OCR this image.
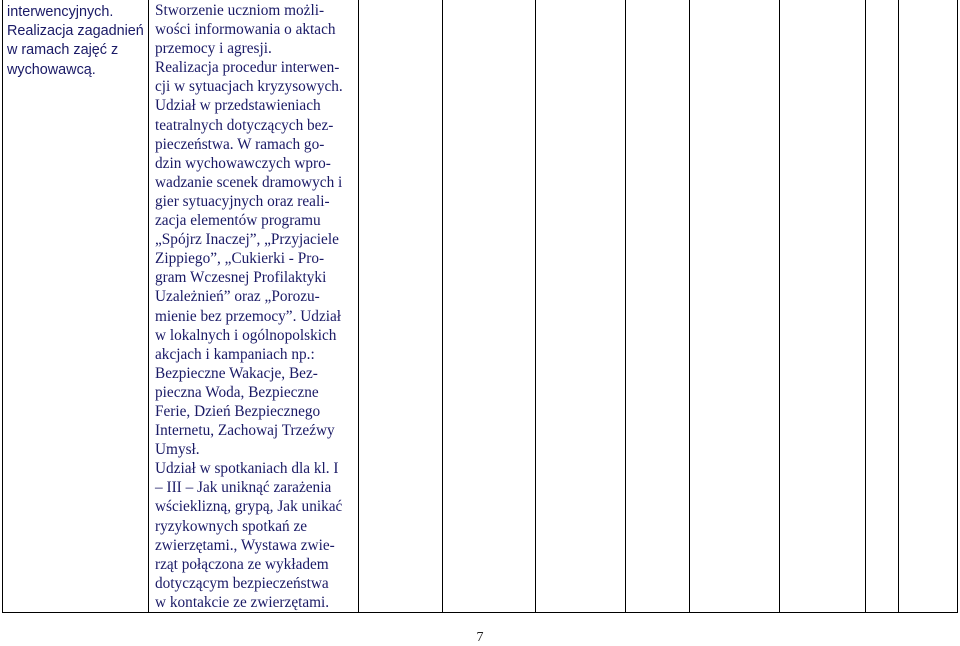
interwencyjnych.
Realizacja zagadnień
w ramach zajęć z
wychowawcą.

Stworzenie uczniom możli-
wości informowania o aktach
przemocy i agresji.
Realizacja procedur interwen-
cji w sytuacjach kryzysowych.
Udział w przedstawieniach
teatralnych dotyczących bez-
pieczeństwa. W ramach go-
dzin wychowawczych wpro-
wadzanie scenek dramowych i
gier sytuacyjnych oraz reali-
zacja elementów programu
„Spójrz Inaczej”, „Przyjaciele
Zippiego”, „Cukierki - Pro-
gram Wczesnej Profilaktyki
Uzależnień” oraz „Porozu-
mienie bez przemocy”. Udział
w lokalnych i ogólnopolskich
akcjach i kampaniach np.:
Bezpieczne Wakacje, Bez-
pieczna Woda, Bezpieczne
Ferie, Dzień Bezpiecznego
Internetu, Zachowaj Trzeźwy
Umysł.
Udział w spotkaniach dla kl. I
– III – Jak uniknąć zarażenia
wścieklizną, grypą, Jak unikać
ryzykownych spotkań ze
zwierzętami., Wystawa zwie-
rząt połączona ze wykładem
dotyczącym bezpieczeństwa
w kontakcie ze zwierzętami.

7
